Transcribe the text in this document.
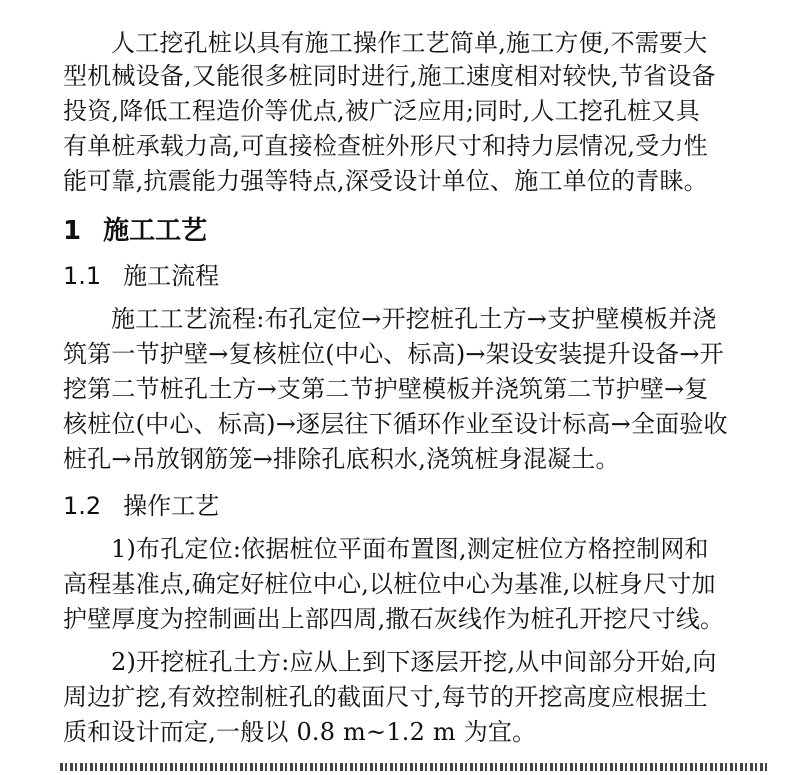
人工挖孔桩以具有施工操作工艺简单,施工方便,不需要大
型机械设备,又能很多桩同时进行,施工速度相对较快,节省设备
投资,降低工程造价等优点,被广泛应用;同时,人工挖孔桩又具
有单桩承载力高,可直接检查桩外形尺寸和持力层情况,受力性
能可靠,抗震能力强等特点,深受设计单位、施工单位的青睐。
1 施工工艺
1.1 施工流程
施工工艺流程:布孔定位→开挖桩孔土方→支护壁模板并浇
筑第一节护壁→复核桩位(中心、标高)→架设安装提升设备→开
挖第二节桩孔土方→支第二节护壁模板并浇筑第二节护壁→复
核桩位(中心、标高)→逐层往下循环作业至设计标高→全面验收
桩孔→吊放钢筋笼→排除孔底积水,浇筑桩身混凝土。
1.2 操作工艺
1)布孔定位:依据桩位平面布置图,测定桩位方格控制网和
高程基准点,确定好桩位中心,以桩位中心为基准,以桩身尺寸加
护壁厚度为控制画出上部四周,撒石灰线作为桩孔开挖尺寸线。
2)开挖桩孔土方:应从上到下逐层开挖,从中间部分开始,向
周边扩挖,有效控制桩孔的截面尺寸,每节的开挖高度应根据土
质和设计而定,一般以 0.8 m~1.2 m 为宜。
